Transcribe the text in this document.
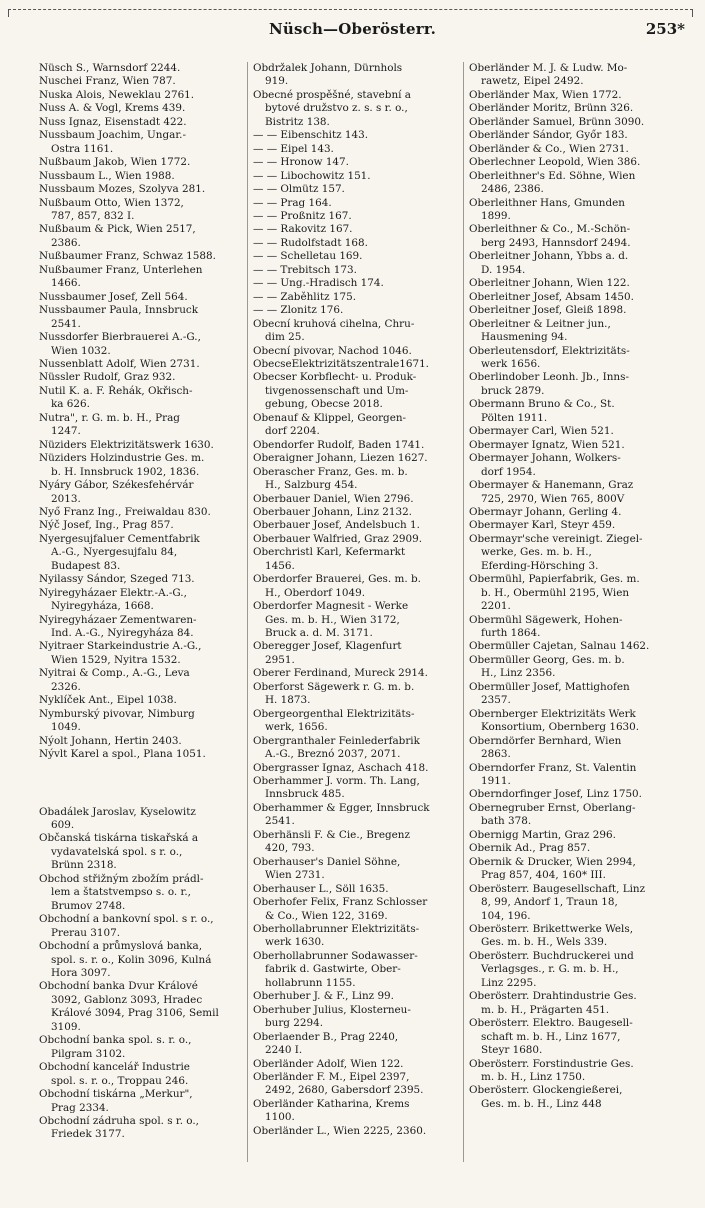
Nüsch—Oberösterr.	253*
Nüsch S., Warnsdorf 2244.
Nuschei Franz, Wien 787.
Nuska Alois, Neweklau 2761.
Nuss A. & Vogl, Krems 439.
Nuss Ignaz, Eisenstadt 422.
Nussbaum Joachim, Ungar.-
Ostra 1161.
Nußbaum Jakob, Wien 1772.
Nussbaum L., Wien 1988.
Nussbaum Mozes, Szolyva 281.
Nußbaum Otto, Wien 1372,
787, 857, 832 I.
Nußbaum & Pick, Wien 2517,
2386.
Nußbaumer Franz, Schwaz 1588.
Nußbaumer Franz, Unterlehen
1466.
Nussbaumer Josef, Zell 564.
Nussbaumer Paula, Innsbruck
2541.
Nussdorfer Bierbrauerei A.-G.,
Wien 1032.
Nussenblatt Adolf, Wien 2731.
Nüssler Rudolf, Graz 932.
Nutil K. a. F. Řehák, Okřisch-
ka 626.
Nutra", r. G. m. b. H., Prag
1247.
Nüziders Elektrizitätswerk 1630.
Nüziders Holzindustrie Ges. m.
b. H. Innsbruck 1902, 1836.
Nyáry Gábor, Székesfehérvár
2013.
Nyő Franz Ing., Freiwaldau 830.
Nýč Josef, Ing., Prag 857.
Nyergesujfaluer Cementfabrik
A.-G., Nyergesujfalu 84,
Budapest 83.
Nyilassy Sándor, Szeged 713.
Nyiregyházaer Elektr.-A.-G.,
Nyiregyháza, 1668.
Nyiregyházaer Zementwaren-
Ind. A.-G., Nyiregyháza 84.
Nyitraer Starkeindustrie A.-G.,
Wien 1529, Nyitra 1532.
Nyitrai & Comp., A.-G., Leva
2326.
Nyklíček Ant., Eipel 1038.
Nymburský pivovar, Nimburg
1049.
Nýolt Johann, Hertin 2403.
Nývlt Karel a spol., Plana 1051.
Obadálek Jaroslav, Kyselowitz
609.
Občanská tiskárna tiskařská a
vydavatelská spol. s r. o.,
Brünn 2318.
Obchod střižným zbožím prádl-
lem a štatstvempso s. o. r.,
Brumov 2748.
Obchodní a bankovní spol. s r. o.,
Prerau 3107.
Obchodní a průmyslová banka,
spol. s. r. o., Kolin 3096, Kulná
Hora 3097.
Obchodní banka Dvur Králové
3092, Gablonz 3093, Hradec
Králové 3094, Prag 3106, Semil
3109.
Obchodní banka spol. s. r. o.,
Pilgram 3102.
Obchodní kancelář Industrie
spol. s. r. o., Troppau 246.
Obchodní tiskárna „Merkur",
Prag 2334.
Obchodní zádruha spol. s r. o.,
Friedek 3177.
Obdržalek Johann, Dürnhols
919.
Obecné prospěšné, stavební a
bytové družstvo z. s. s r. o.,
Bistritz 138.
— — Eibenschitz 143.
— — Eipel 143.
— — Hronow 147.
— — Libochowitz 151.
— — Olmütz 157.
— — Prag 164.
— — Proßnitz 167.
— — Rakovitz 167.
— — Rudolfstadt 168.
— — Schelletau 169.
— — Trebitsch 173.
— — Ung.-Hradisch 174.
— — Zaběhlitz 175.
— — Zlonitz 176.
Obecní kruhová cihelna, Chru-
dim 25.
Obecní pivovar, Nachod 1046.
ObecseElektrizitätszentrale1671.
Obecser Korbflecht- u. Produk-
tivgenossenschaft und Um-
gebung, Obecse 2018.
Obenauf & Klippel, Georgen-
dorf 2204.
Obendorfer Rudolf, Baden 1741.
Oberaigner Johann, Liezen 1627.
Oberascher Franz, Ges. m. b.
H., Salzburg 454.
Oberbauer Daniel, Wien 2796.
Oberbauer Johann, Linz 2132.
Oberbauer Josef, Andelsbuch 1.
Oberbauer Walfried, Graz 2909.
Oberchristl Karl, Kefermarkt
1456.
Oberdorfer Brauerei, Ges. m. b.
H., Oberdorf 1049.
Oberdorfer Magnesit - Werke
Ges. m. b. H., Wien 3172,
Bruck a. d. M. 3171.
Oberegger Josef, Klagenfurt
2951.
Oberer Ferdinand, Mureck 2914.
Oberforst Sägewerk r. G. m. b.
H. 1873.
Obergeorgenthal Elektrizitäts-
werk, 1656.
Obergranthaler Feinlederfabrik
A.-G., Breznó 2037, 2071.
Obergrasser Ignaz, Aschach 418.
Oberhammer J. vorm. Th. Lang,
Innsbruck 485.
Oberhammer & Egger, Innsbruck
2541.
Oberhänsli F. & Cie., Bregenz
420, 793.
Oberhauser's Daniel Söhne,
Wien 2731.
Oberhauser L., Söll 1635.
Oberhofer Felix, Franz Schlosser
& Co., Wien 122, 3169.
Oberhollabrunner Elektrizitäts-
werk 1630.
Oberhollabrunner Sodawasser-
fabrik d. Gastwirte, Ober-
hollabrunn 1155.
Oberhuber J. & F., Linz 99.
Oberhuber Julius, Klosterneu-
burg 2294.
Oberlaender B., Prag 2240,
2240 I.
Oberländer Adolf, Wien 122.
Oberländer F. M., Eipel 2397,
2492, 2680, Gabersdorf 2395.
Oberländer Katharina, Krems
1100.
Oberländer L., Wien 2225, 2360.
Oberländer M. J. & Ludw. Mo-
rawetz, Eipel 2492.
Oberländer Max, Wien 1772.
Oberländer Moritz, Brünn 326.
Oberländer Samuel, Brünn 3090.
Oberländer Sándor, Győr 183.
Oberländer & Co., Wien 2731.
Oberlechner Leopold, Wien 386.
Oberleithner's Ed. Söhne, Wien
2486, 2386.
Oberleithner Hans, Gmunden
1899.
Oberleithner & Co., M.-Schön-
berg 2493, Hannsdorf 2494.
Oberleitner Johann, Ybbs a. d.
D. 1954.
Oberleitner Johann, Wien 122.
Oberleitner Josef, Absam 1450.
Oberleitner Josef, Gleiß 1898.
Oberleitner & Leitner jun.,
Hausmening 94.
Oberleutensdorf, Elektrizitäts-
werk 1656.
Oberlindober Leonh. Jb., Inns-
bruck 2879.
Obermann Bruno & Co., St.
Pölten 1911.
Obermayer Carl, Wien 521.
Obermayer Ignatz, Wien 521.
Obermayer Johann, Wolkers-
dorf 1954.
Obermayer & Hanemann, Graz
725, 2970, Wien 765, 800V
Obermayr Johann, Gerling 4.
Obermayer Karl, Steyr 459.
Obermayr'sche vereinigt. Ziegel-
werke, Ges. m. b. H.,
Eferding-Hörsching 3.
Obermühl, Papierfabrik, Ges. m.
b. H., Obermühl 2195, Wien
2201.
Obermühl Sägewerk, Hohen-
furth 1864.
Obermüller Cajetan, Salnau 1462.
Obermüller Georg, Ges. m. b.
H., Linz 2356.
Obermüller Josef, Mattighofen
2357.
Obernberger Elektrizitäts Werk
Konsortium, Obernberg 1630.
Oberndörfer Bernhard, Wien
2863.
Oberndorfer Franz, St. Valentin
1911.
Oberndorfinger Josef, Linz 1750.
Obernegruber Ernst, Oberlang-
bath 378.
Obernigg Martin, Graz 296.
Obernik Ad., Prag 857.
Obernik & Drucker, Wien 2994,
Prag 857, 404, 160* III.
Oberösterr. Baugesellschaft, Linz
8, 99, Andorf 1, Traun 18,
104, 196.
Oberösterr. Brikettwerke Wels,
Ges. m. b. H., Wels 339.
Oberösterr. Buchdruckerei und
Verlagsges., r. G. m. b. H.,
Linz 2295.
Oberösterr. Drahtindustrie Ges.
m. b. H., Prägarten 451.
Oberösterr. Elektro. Baugesell-
schaft m. b. H., Linz 1677,
Steyr 1680.
Oberösterr. Forstindustrie Ges.
m. b. H., Linz 1750.
Oberösterr. Glockengießerei,
Ges. m. b. H., Linz 448
